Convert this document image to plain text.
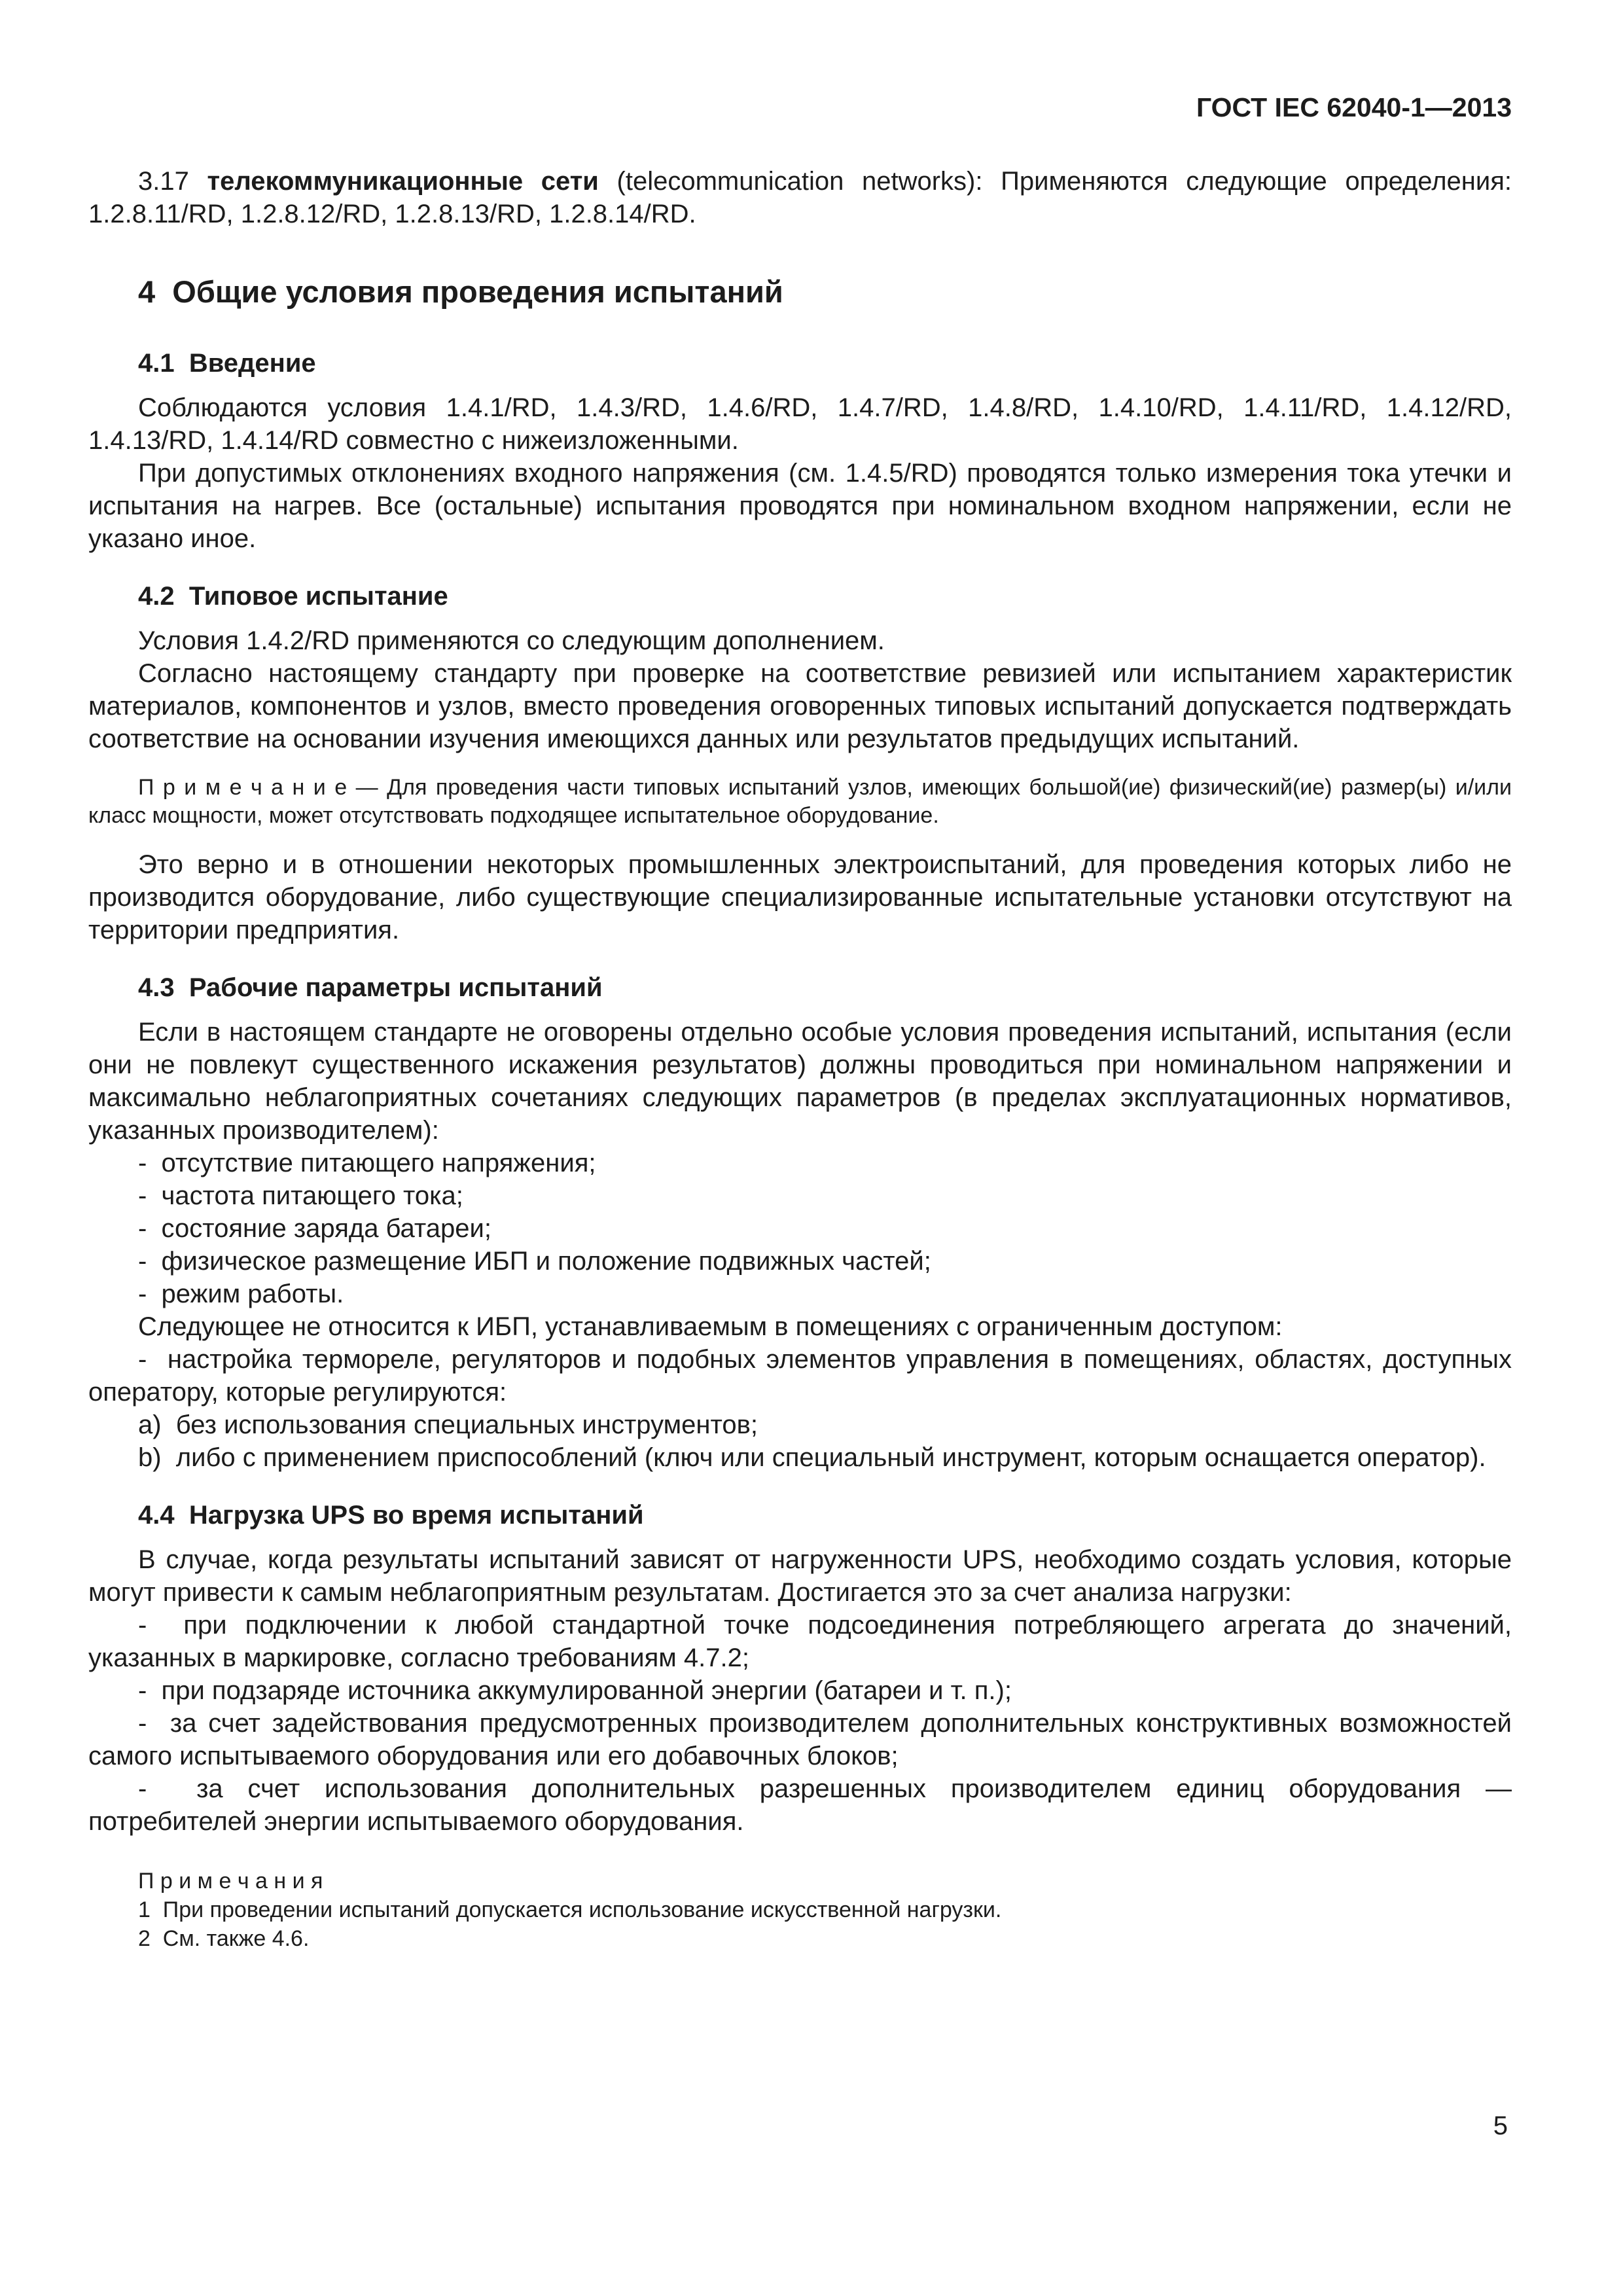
ГОСТ IEC 62040-1—2013

3.17 телекоммуникационные сети (telecommunication networks): Применяются следующие определения: 1.2.8.11/RD, 1.2.8.12/RD, 1.2.8.13/RD, 1.2.8.14/RD.

4  Общие условия проведения испытаний
4.1  Введение

Соблюдаются условия 1.4.1/RD, 1.4.3/RD, 1.4.6/RD, 1.4.7/RD, 1.4.8/RD, 1.4.10/RD, 1.4.11/RD, 1.4.12/RD, 1.4.13/RD, 1.4.14/RD совместно с нижеизложенными.

При допустимых отклонениях входного напряжения (см. 1.4.5/RD) проводятся только измерения тока утечки и испытания на нагрев. Все (остальные) испытания проводятся при номинальном входном напряжении, если не указано иное.

4.2  Типовое испытание

Условия 1.4.2/RD применяются со следующим дополнением.

Согласно настоящему стандарту при проверке на соответствие ревизией или испытанием характеристик материалов, компонентов и узлов, вместо проведения оговоренных типовых испытаний допускается подтверждать соответствие на основании изучения имеющихся данных или результатов предыдущих испытаний.

П р и м е ч а н и е — Для проведения части типовых испытаний узлов, имеющих большой(ие) физический(ие) размер(ы) и/или класс мощности, может отсутствовать подходящее испытательное оборудование.

Это верно и в отношении некоторых промышленных электроиспытаний, для проведения которых либо не производится оборудование, либо существующие специализированные испытательные установки отсутствуют на территории предприятия.

4.3  Рабочие параметры испытаний

Если в настоящем стандарте не оговорены отдельно особые условия проведения испытаний, испытания (если они не повлекут существенного искажения результатов) должны проводиться при номинальном напряжении и максимально неблагоприятных сочетаниях следующих параметров (в пределах эксплуатационных нормативов, указанных производителем):

-  отсутствие питающего напряжения;

-  частота питающего тока;

-  состояние заряда батареи;

-  физическое размещение ИБП и положение подвижных частей;

-  режим работы.

Следующее не относится к ИБП, устанавливаемым в помещениях с ограниченным доступом:

-  настройка термореле, регуляторов и подобных элементов управления в помещениях, областях, доступных оператору, которые регулируются:

a)  без использования специальных инструментов;

b)  либо с применением приспособлений (ключ или специальный инструмент, которым оснащается оператор).

4.4  Нагрузка UPS во время испытаний

В случае, когда результаты испытаний зависят от нагруженности UPS, необходимо создать условия, которые могут привести к самым неблагоприятным результатам. Достигается это за счет анализа нагрузки:

-  при подключении к любой стандартной точке подсоединения потребляющего агрегата до значений, указанных в маркировке, согласно требованиям 4.7.2;

-  при подзаряде источника аккумулированной энергии (батареи и т. п.);

-  за счет задействования предусмотренных производителем дополнительных конструктивных возможностей самого испытываемого оборудования или его добавочных блоков;

-  за счет использования дополнительных разрешенных производителем единиц оборудования — потребителей энергии испытываемого оборудования.

П р и м е ч а н и я

1  При проведении испытаний допускается использование искусственной нагрузки.

2  См. также 4.6.

5
